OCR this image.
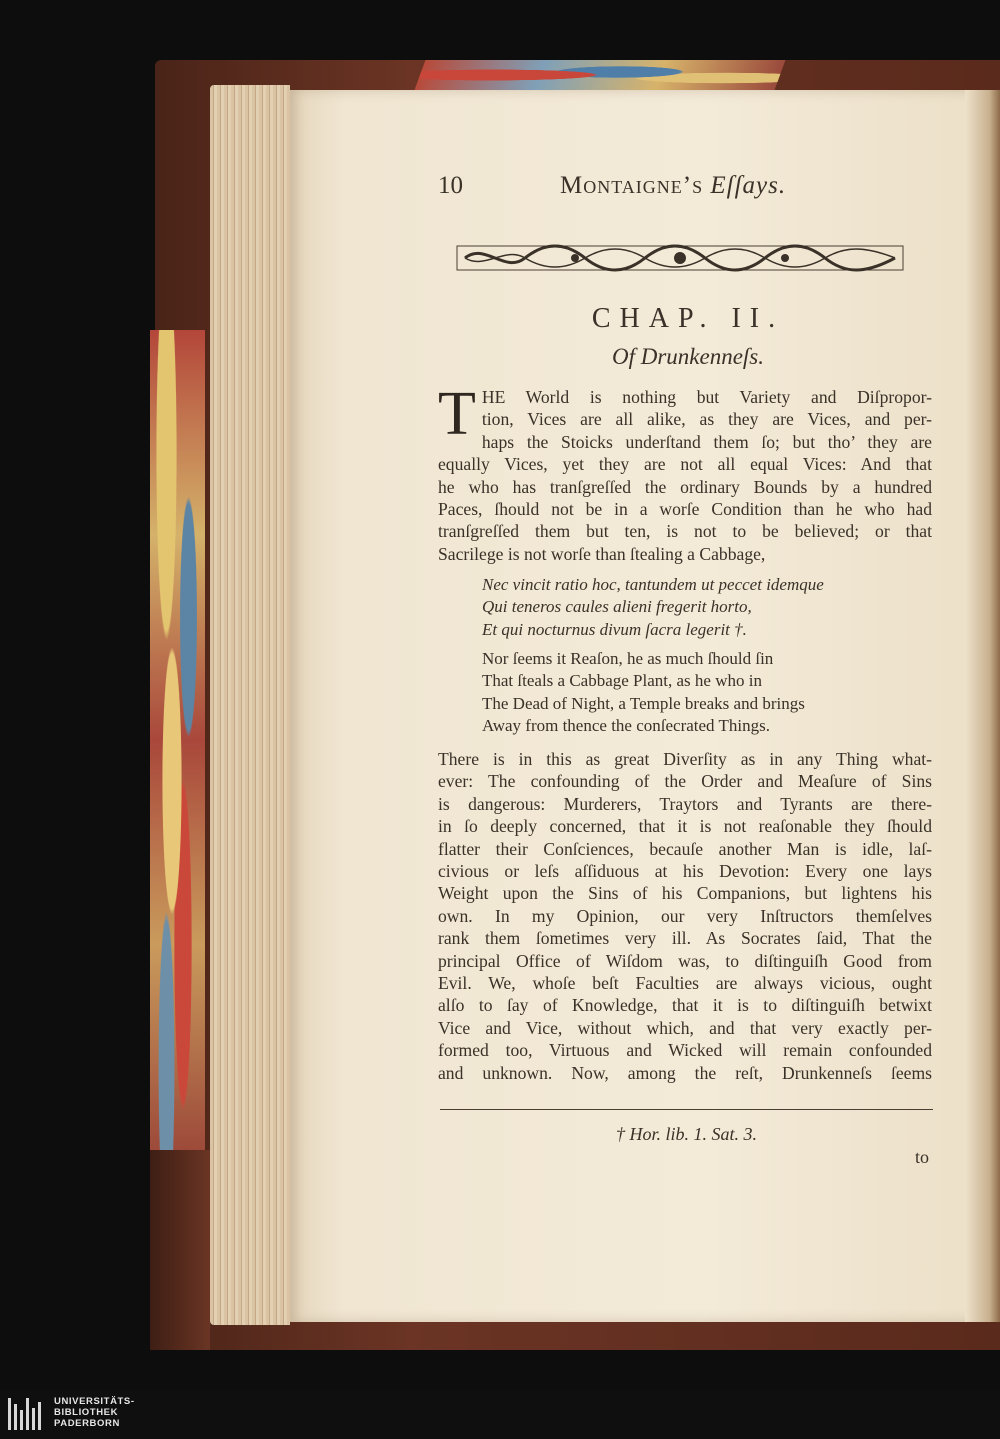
10	Montaigne’s Eſſays.
CHAP. II.
Of Drunkenneſs.
T HE World is nothing but Variety and Diſpropor-
tion, Vices are all alike, as they are Vices, and per-
haps the Stoicks underſtand them ſo; but tho’ they are
equally Vices, yet they are not all equal Vices: And that
he who has tranſgreſſed the ordinary Bounds by a hundred
Paces, ſhould not be in a worſe Condition than he who had
tranſgreſſed them but ten, is not to be believed; or that
Sacrilege is not worſe than ſtealing a Cabbage,
Nec vincit ratio hoc, tantundem ut peccet idemque
Qui teneros caules alieni fregerit horto,
Et qui nocturnus divum ſacra legerit †.
Nor ſeems it Reaſon, he as much ſhould ſin
That ſteals a Cabbage Plant, as he who in
The Dead of Night, a Temple breaks and brings
Away from thence the conſecrated Things.
There is in this as great Diverſity as in any Thing what-
ever: The confounding of the Order and Meaſure of Sins
is dangerous: Murderers, Traytors and Tyrants are there-
in ſo deeply concerned, that it is not reaſonable they ſhould
flatter their Conſciences, becauſe another Man is idle, laſ-
civious or leſs aſſiduous at his Devotion: Every one lays
Weight upon the Sins of his Companions, but lightens his
own. In my Opinion, our very Inſtructors themſelves
rank them ſometimes very ill. As Socrates ſaid, That the
principal Office of Wiſdom was, to diſtinguiſh Good from
Evil. We, whoſe beſt Faculties are always vicious, ought
alſo to ſay of Knowledge, that it is to diſtinguiſh betwixt
Vice and Vice, without which, and that very exactly per-
formed too, Virtuous and Wicked will remain confounded
and unknown. Now, among the reſt, Drunkenneſs ſeems
† Hor. lib. 1. Sat. 3.
to
UNIVERSITÄTS-
BIBLIOTHEK
PADERBORN
